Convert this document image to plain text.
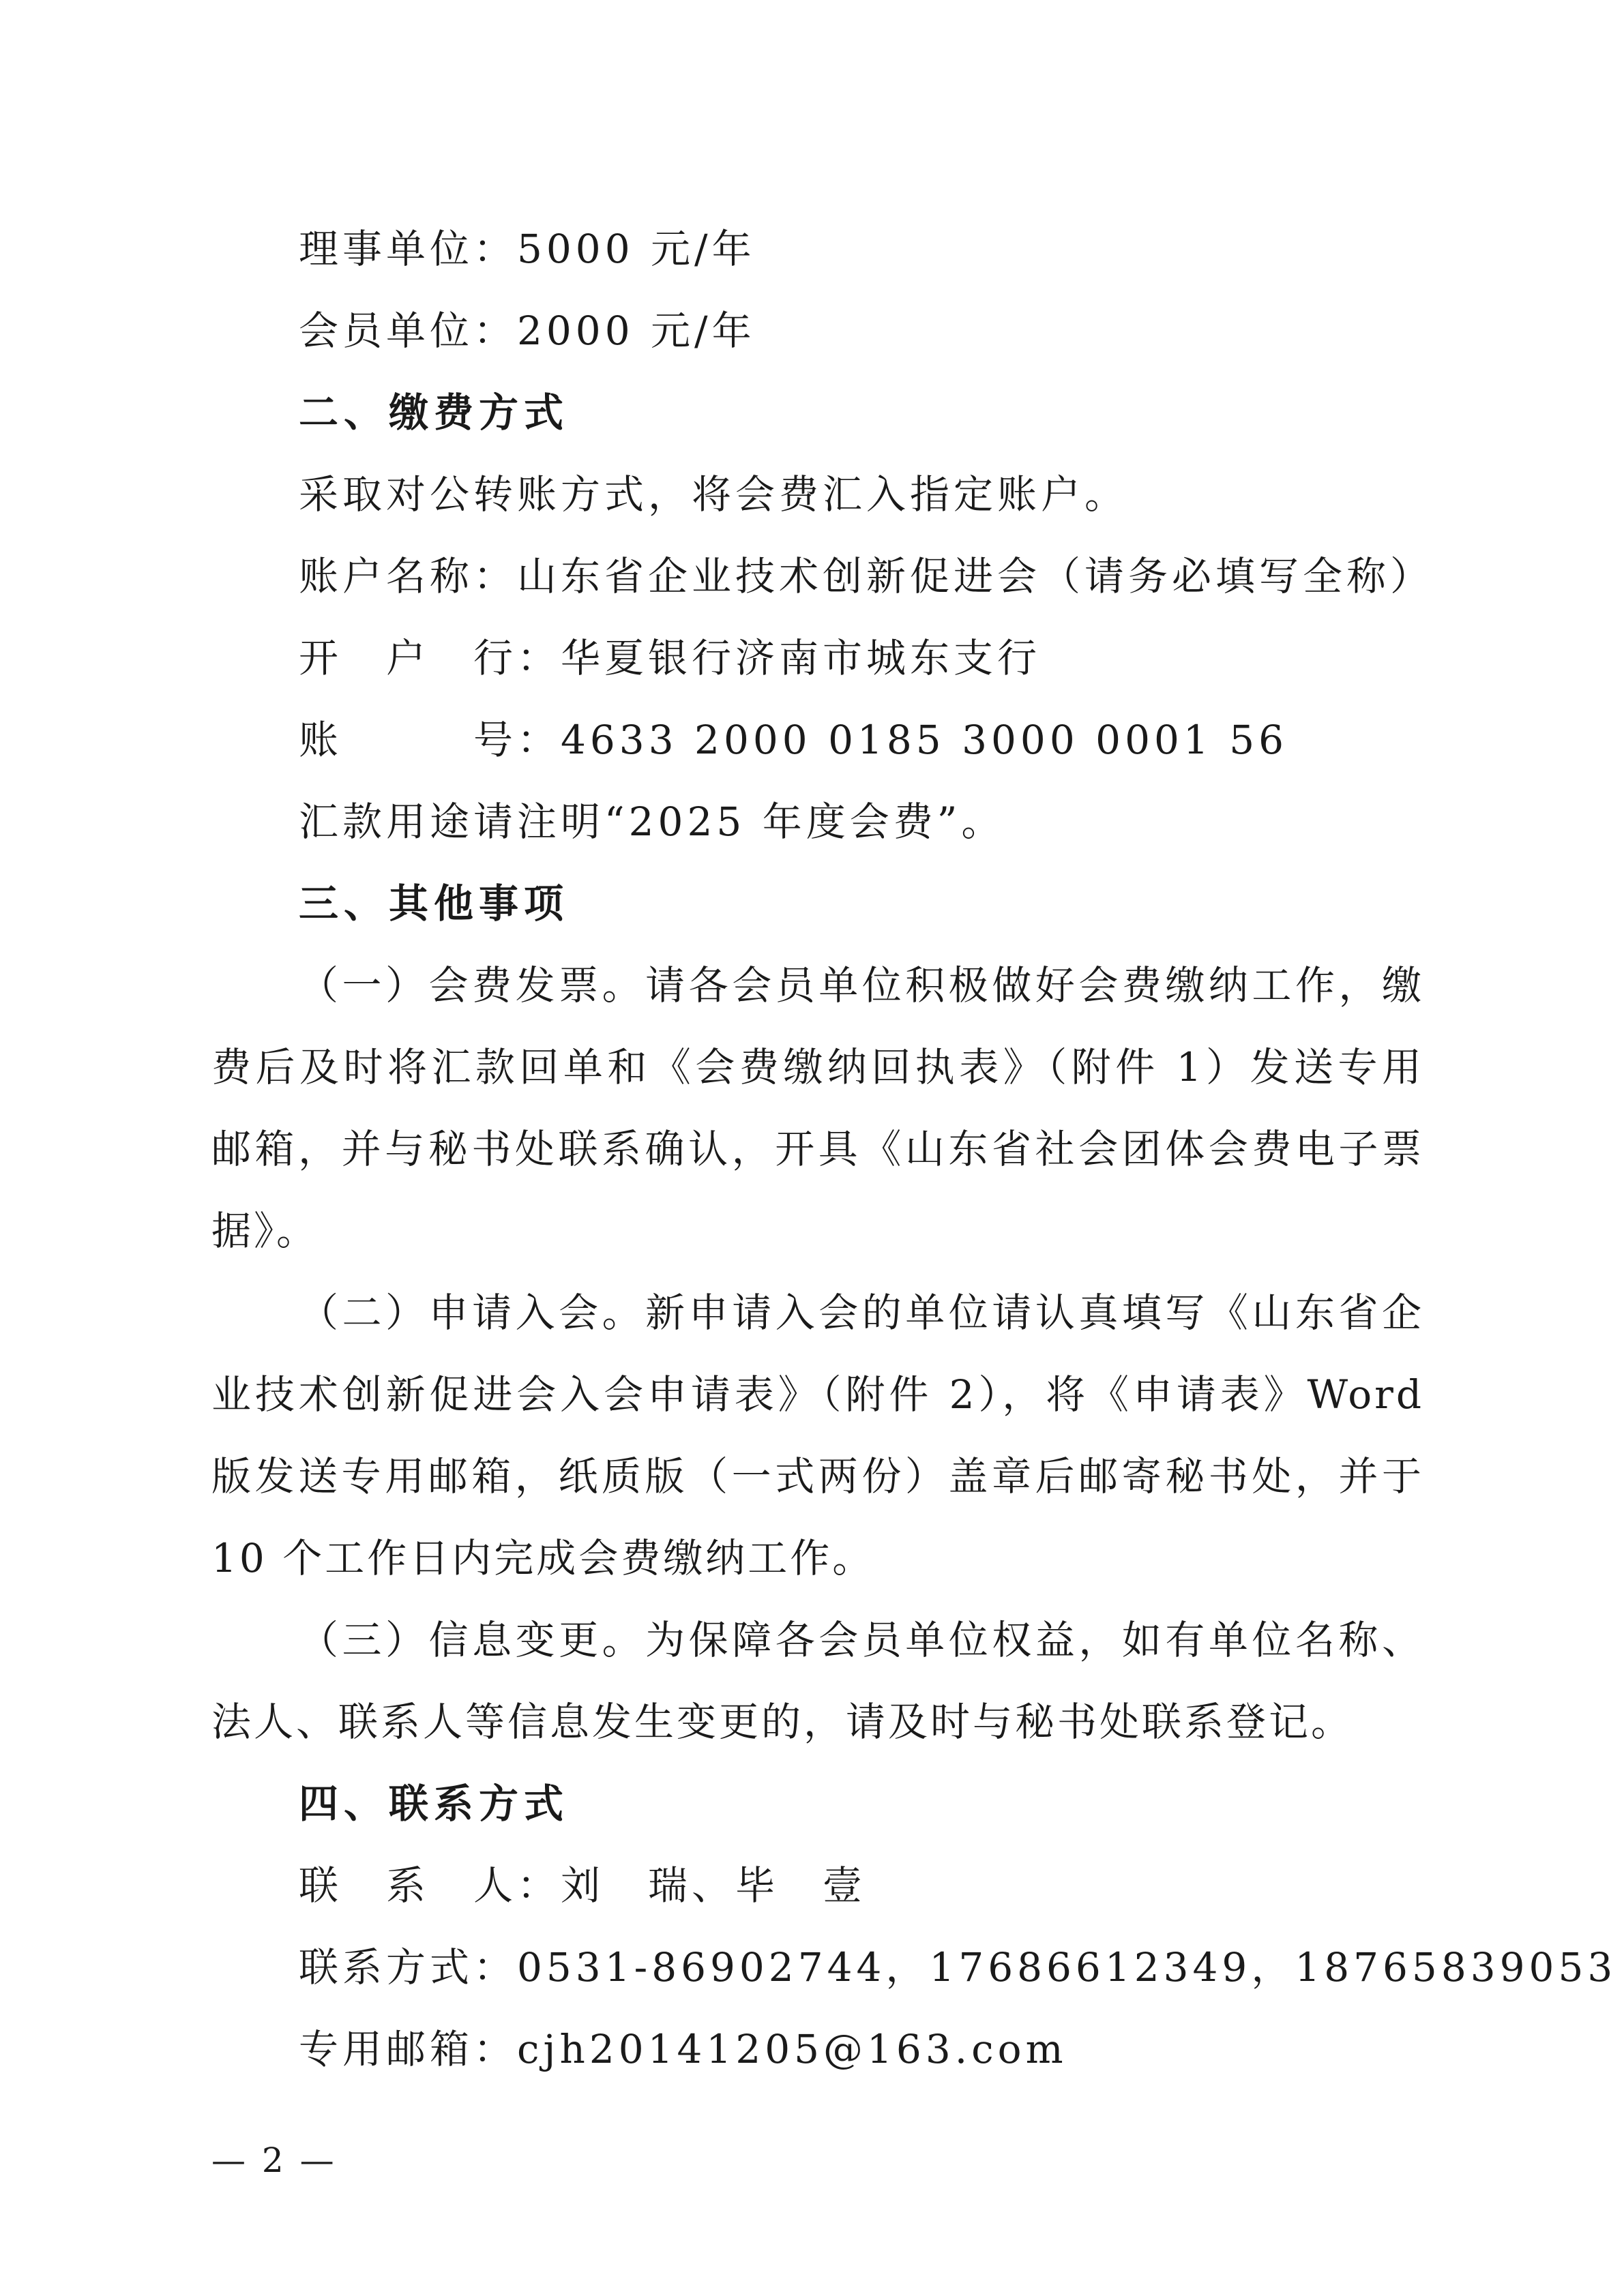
理事单位：5000 元/年
会员单位：2000 元/年
二、缴费方式
采取对公转账方式，将会费汇入指定账户。
账户名称：山东省企业技术创新促进会（请务必填写全称）
开　户　行：华夏银行济南市城东支行
账　　　号：4633 2000 0185 3000 0001 56
汇款用途请注明“2025 年度会费”。
三、其他事项
（一）会费发票。请各会员单位积极做好会费缴纳工作，缴
费后及时将汇款回单和《会费缴纳回执表》（附件 1）发送专用
邮箱，并与秘书处联系确认，开具《山东省社会团体会费电子票
据》。
（二）申请入会。新申请入会的单位请认真填写《山东省企
业技术创新促进会入会申请表》（附件 2），将《申请表》Word
版发送专用邮箱，纸质版（一式两份）盖章后邮寄秘书处，并于
10 个工作日内完成会费缴纳工作。
（三）信息变更。为保障各会员单位权益，如有单位名称、
法人、联系人等信息发生变更的，请及时与秘书处联系登记。
四、联系方式
联　系　人：刘　瑞、毕　壹
联系方式：0531-86902744，17686612349，18765839053
专用邮箱：cjh20141205@163.com
— 2 —
